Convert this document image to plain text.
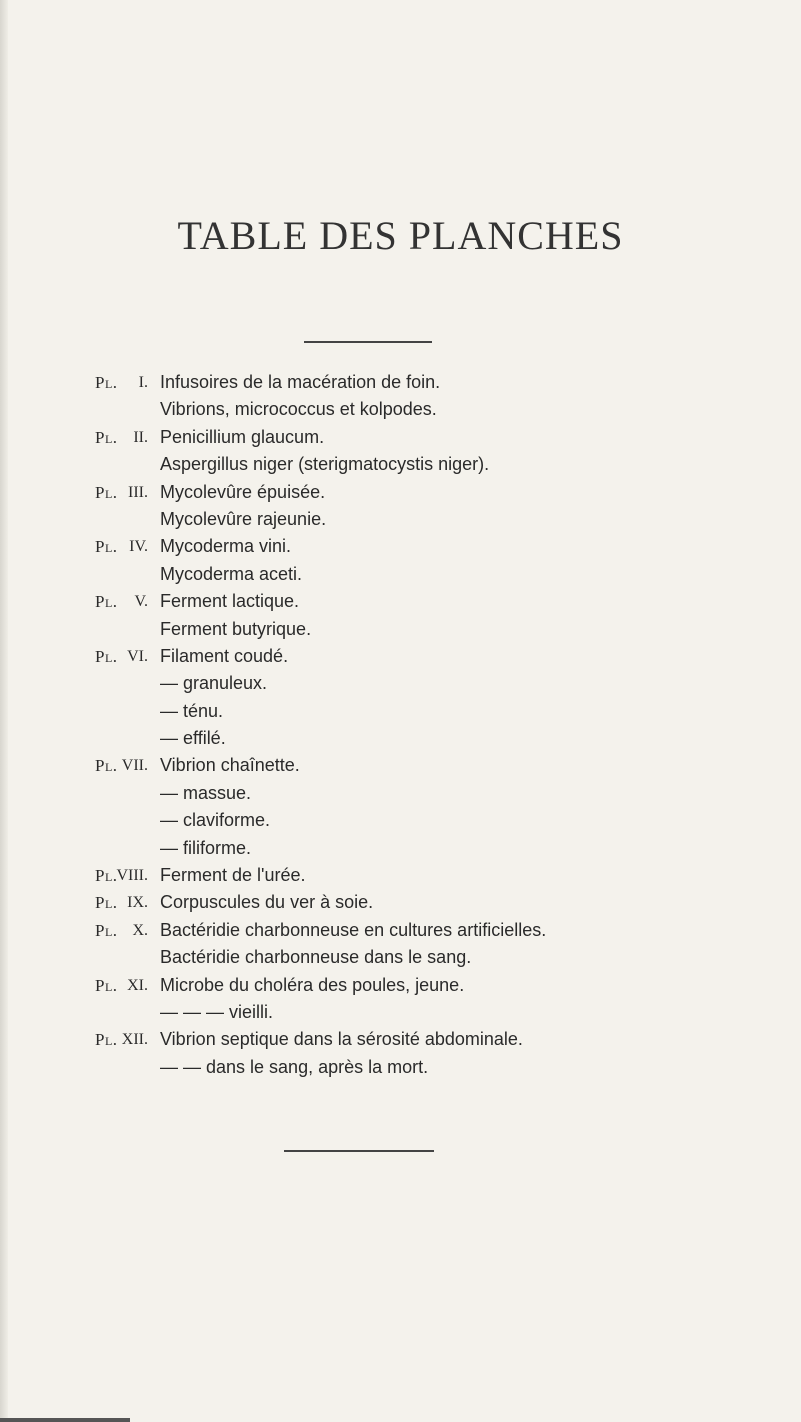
TABLE DES PLANCHES
Pl. I. Infusoires de la macération de foin.
Vibrions, micrococcus et kolpodes.
Pl. II. Penicillium glaucum.
Aspergillus niger (sterigmatocystis niger).
Pl. III. Mycolevûre épuisée.
Mycolevûre rajeunie.
Pl. IV. Mycoderma vini.
Mycoderma aceti.
Pl. V. Ferment lactique.
Ferment butyrique.
Pl. VI. Filament coudé.
— granuleux.
— ténu.
— effilé.
Pl. VII. Vibrion chaînette.
— massue.
— claviforme.
— filiforme.
Pl.
VIII. Ferment de l'urée.
Pl. IX. Corpuscules du ver à soie.
Pl. X. Bactéridie charbonneuse en cultures artificielles.
Bactéridie charbonneuse dans le sang.
Pl. XI. Microbe du choléra des poules, jeune.
— — — vieilli.
Pl. XII. Vibrion septique dans la sérosité abdominale.
— — dans le sang, après la mort.
